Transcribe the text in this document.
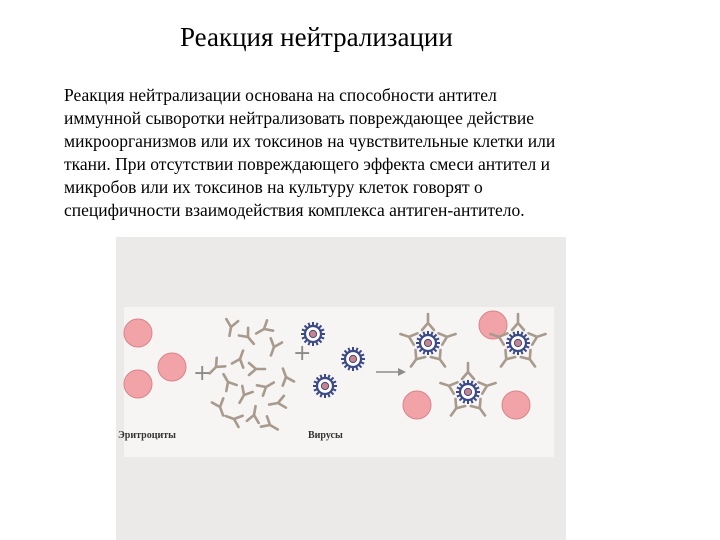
Реакция нейтрализации
Реакция нейтрализации основана на способности антител
иммунной сыворотки нейтрализовать повреждающее действие
микроорганизмов или их токсинов на чувствительные клетки или
ткани. При отсутствии повреждающего эффекта смеси антител и
микробов или их токсинов на культуру клеток говорят о
специфичности взаимодействия комплекса антиген-антитело.
+
+
Эритроциты	Вирусы
